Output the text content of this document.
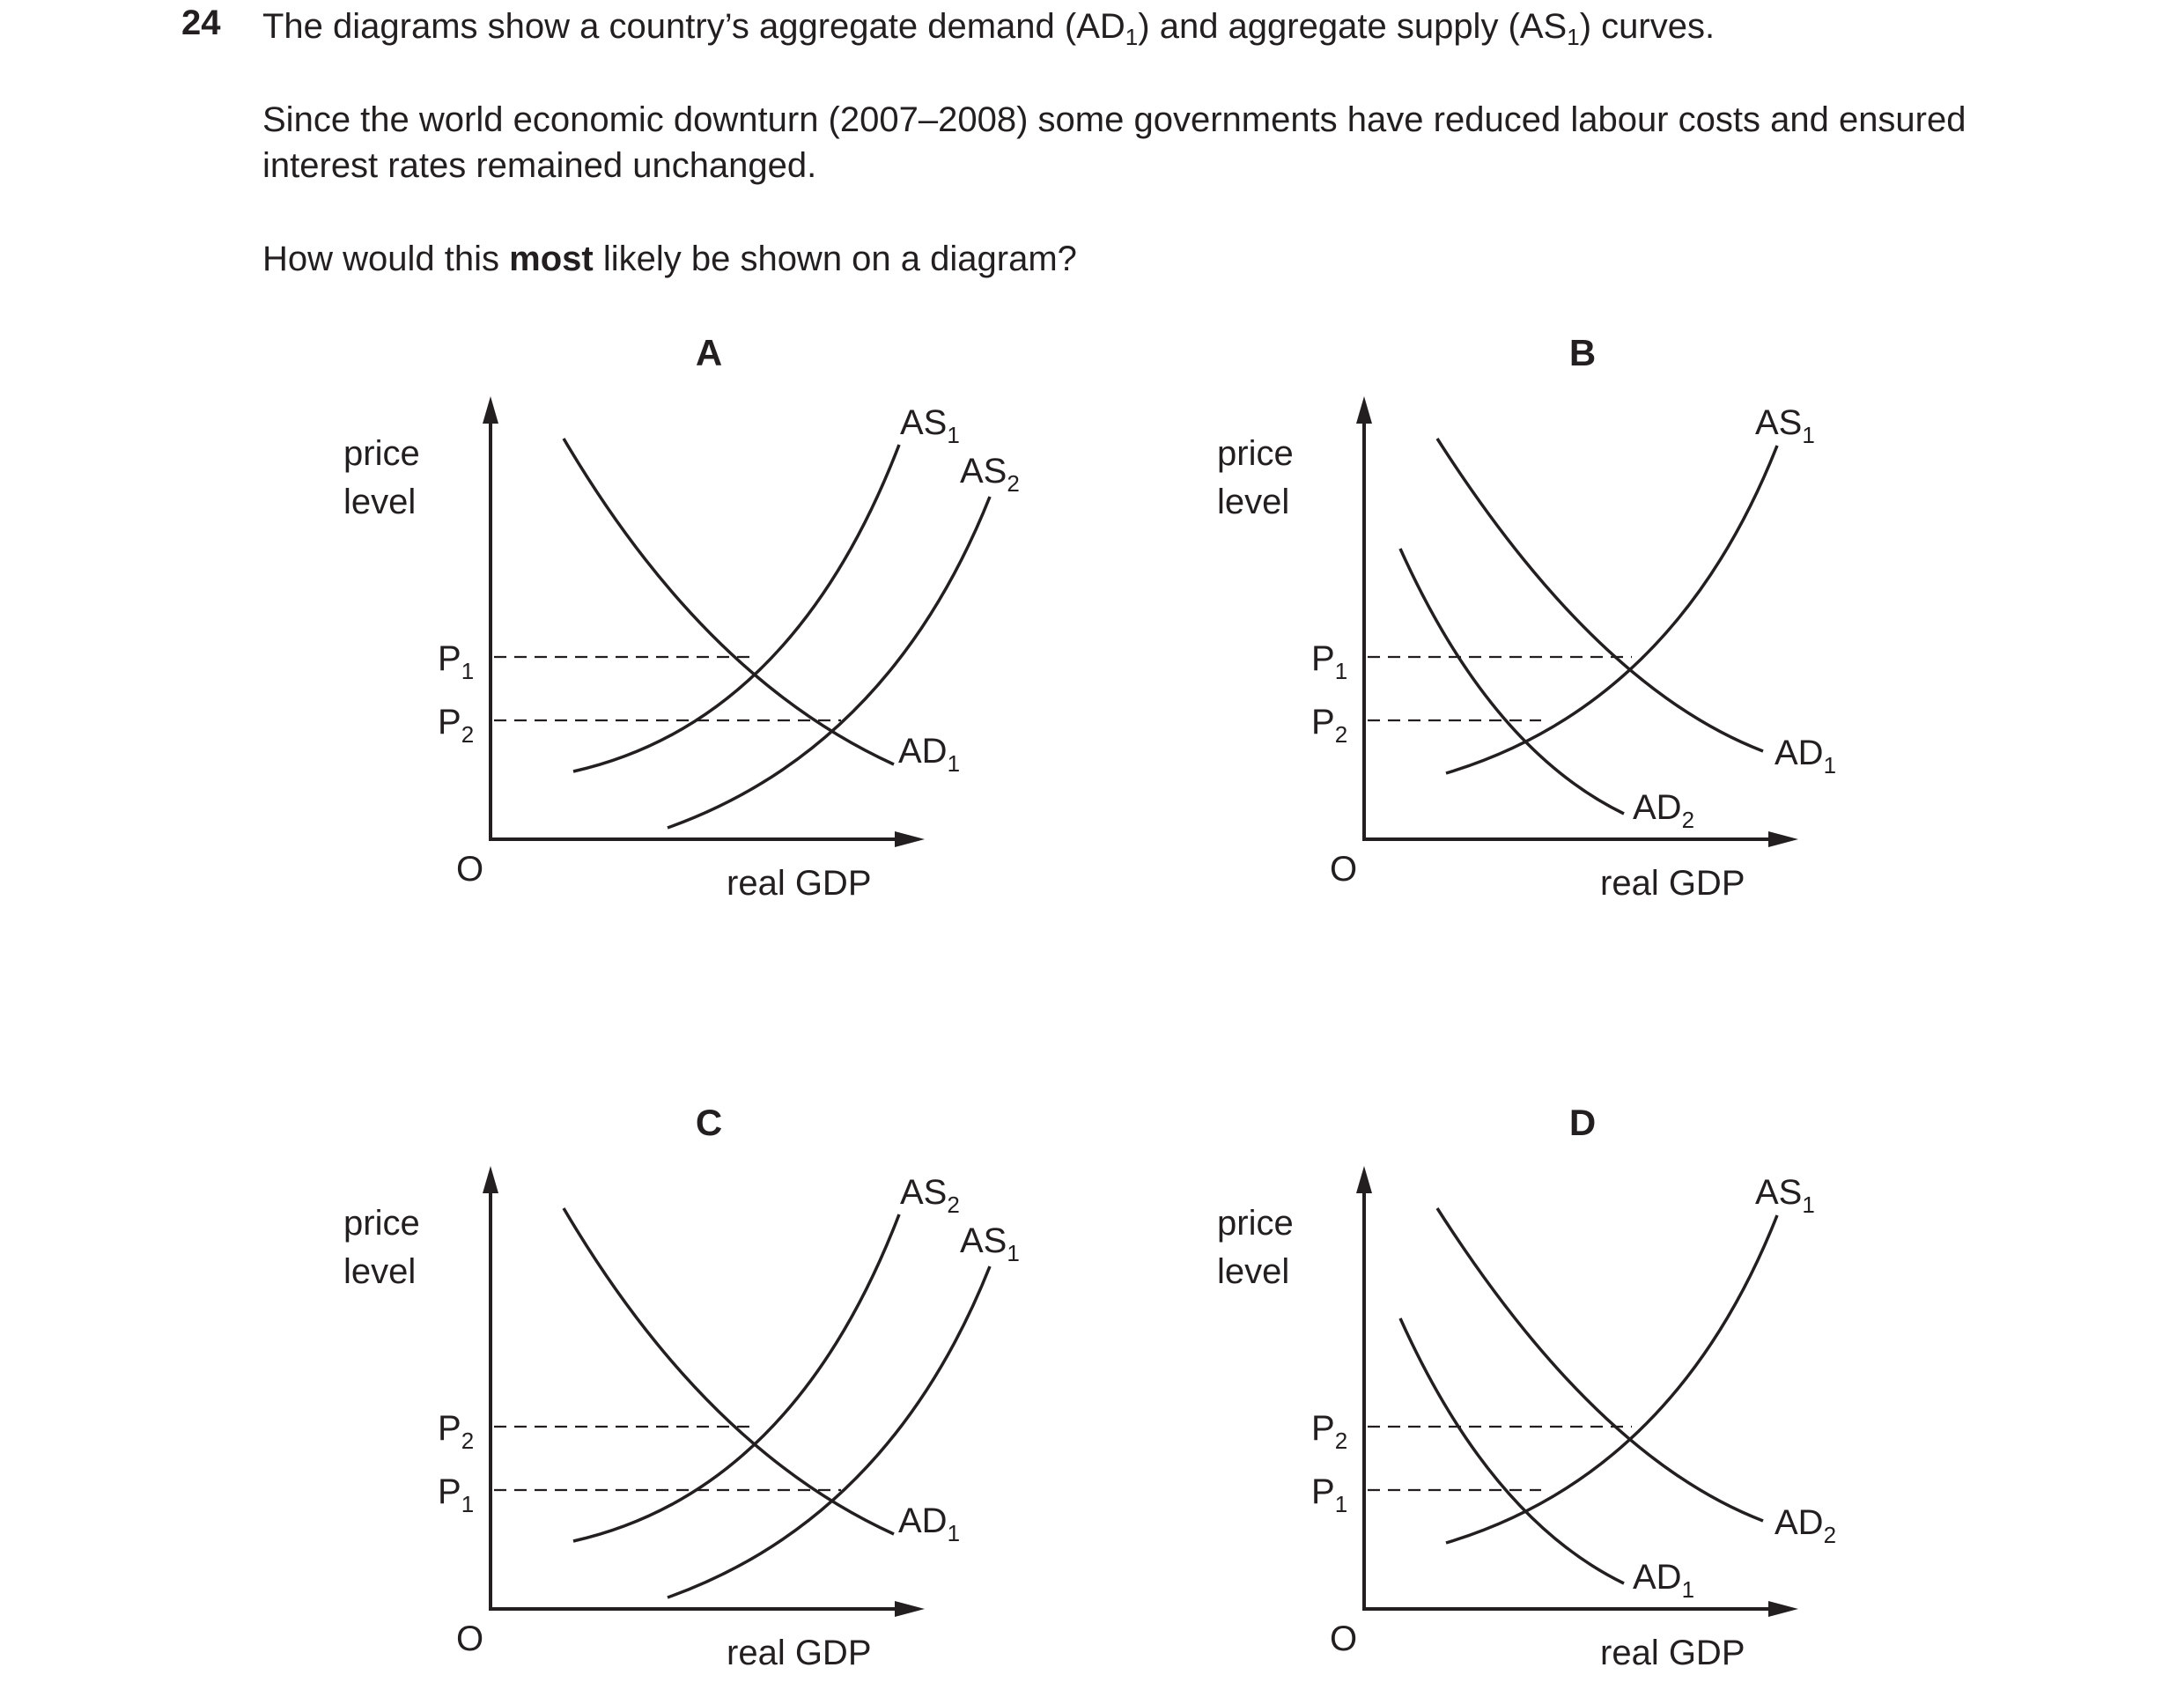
24 The diagrams show a country’s aggregate demand $(AD_1)$ and aggregate supply $(AS_1)$ curves.
Since the world economic downturn (2007–2008) some governments have reduced labour costs and ensured interest rates remained unchanged.
How would this most likely be shown on a diagram?
A
price
level
real GDP
O
$P_1$
$P_2$
$AS_1$
$AS_2$
$AD_1$
B
price
level
real GDP
O
$P_1$
$P_2$
$AS_1$
$AD_1$
$AD_2$
C
price
level
real GDP
O
$P_2$
$P_1$
$AS_2$
$AS_1$
$AD_1$
D
price
level
real GDP
O
$P_2$
$P_1$
$AS_1$
$AD_2$
$AD_1$
